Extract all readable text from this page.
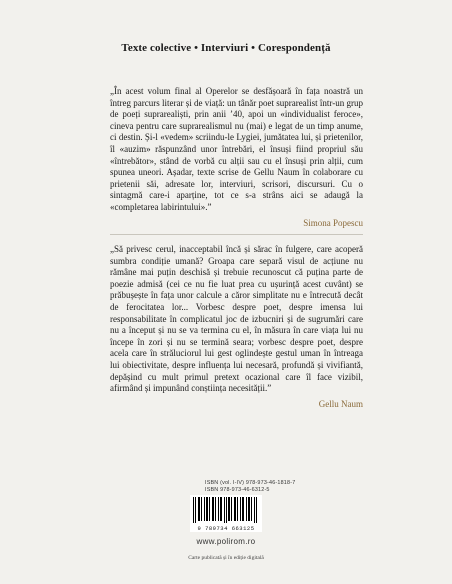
Texte colective • Interviuri • Corespondență

„În acest volum final al Operelor se desfășoară în fața noastră un întreg parcurs literar și de viață: un tânăr poet suprarealist într-un grup de poeți suprarealiști, prin anii ’40, apoi un «individualist feroce», cineva pentru care suprarealismul nu (mai) e legat de un timp anume, ci destin. Și-l «vedem» scriindu-le Lygiei, jumătatea lui, și prietenilor, îl «auzim» răspunzând unor întrebări, el însuși fiind propriul său «întrebător», stând de vorbă cu alții sau cu el însuși prin alții, cum spunea uneori. Așadar, texte scrise de Gellu Naum în colaborare cu prietenii săi, adresate lor, interviuri, scrisori, discursuri. Cu o sintagmă care-i aparține, tot ce s-a strâns aici se adaugă la «completarea labirintului».”

Simona Popescu

„Să privesc cerul, inacceptabil încă și sărac în fulgere, care acoperă sumbra condiție umană? Groapa care separă visul de acțiune nu rămâne mai puțin deschisă și trebuie recunoscut că puțina parte de poezie admisă (cei ce nu fie luat prea cu ușurință acest cuvânt) se prăbușește în fața unor calcule a căror simplitate nu e întrecută decât de ferocitatea lor... Vorbesc despre poet, despre imensa lui responsabilitate în complicatul joc de izbucniri și de sugrumări care nu a început și nu se va termina cu el, în măsura în care viața lui nu începe în zori și nu se termină seara; vorbesc despre poet, despre acela care în străluciorul lui gest oglindește gestul uman în întreaga lui obiectivitate, despre influența lui necesară, profundă și vivifiantă, depășind cu mult primul pretext ocazional care îl face vizibil, afirmând și impunând conștiința necesității.”

Gellu Naum
ISBN (vol. I-IV) 978-973-46-1818-7
ISBN 978-973-46-6312-5
9 789734 663125
www.polirom.ro
Carte publicată și în ediție digitală
